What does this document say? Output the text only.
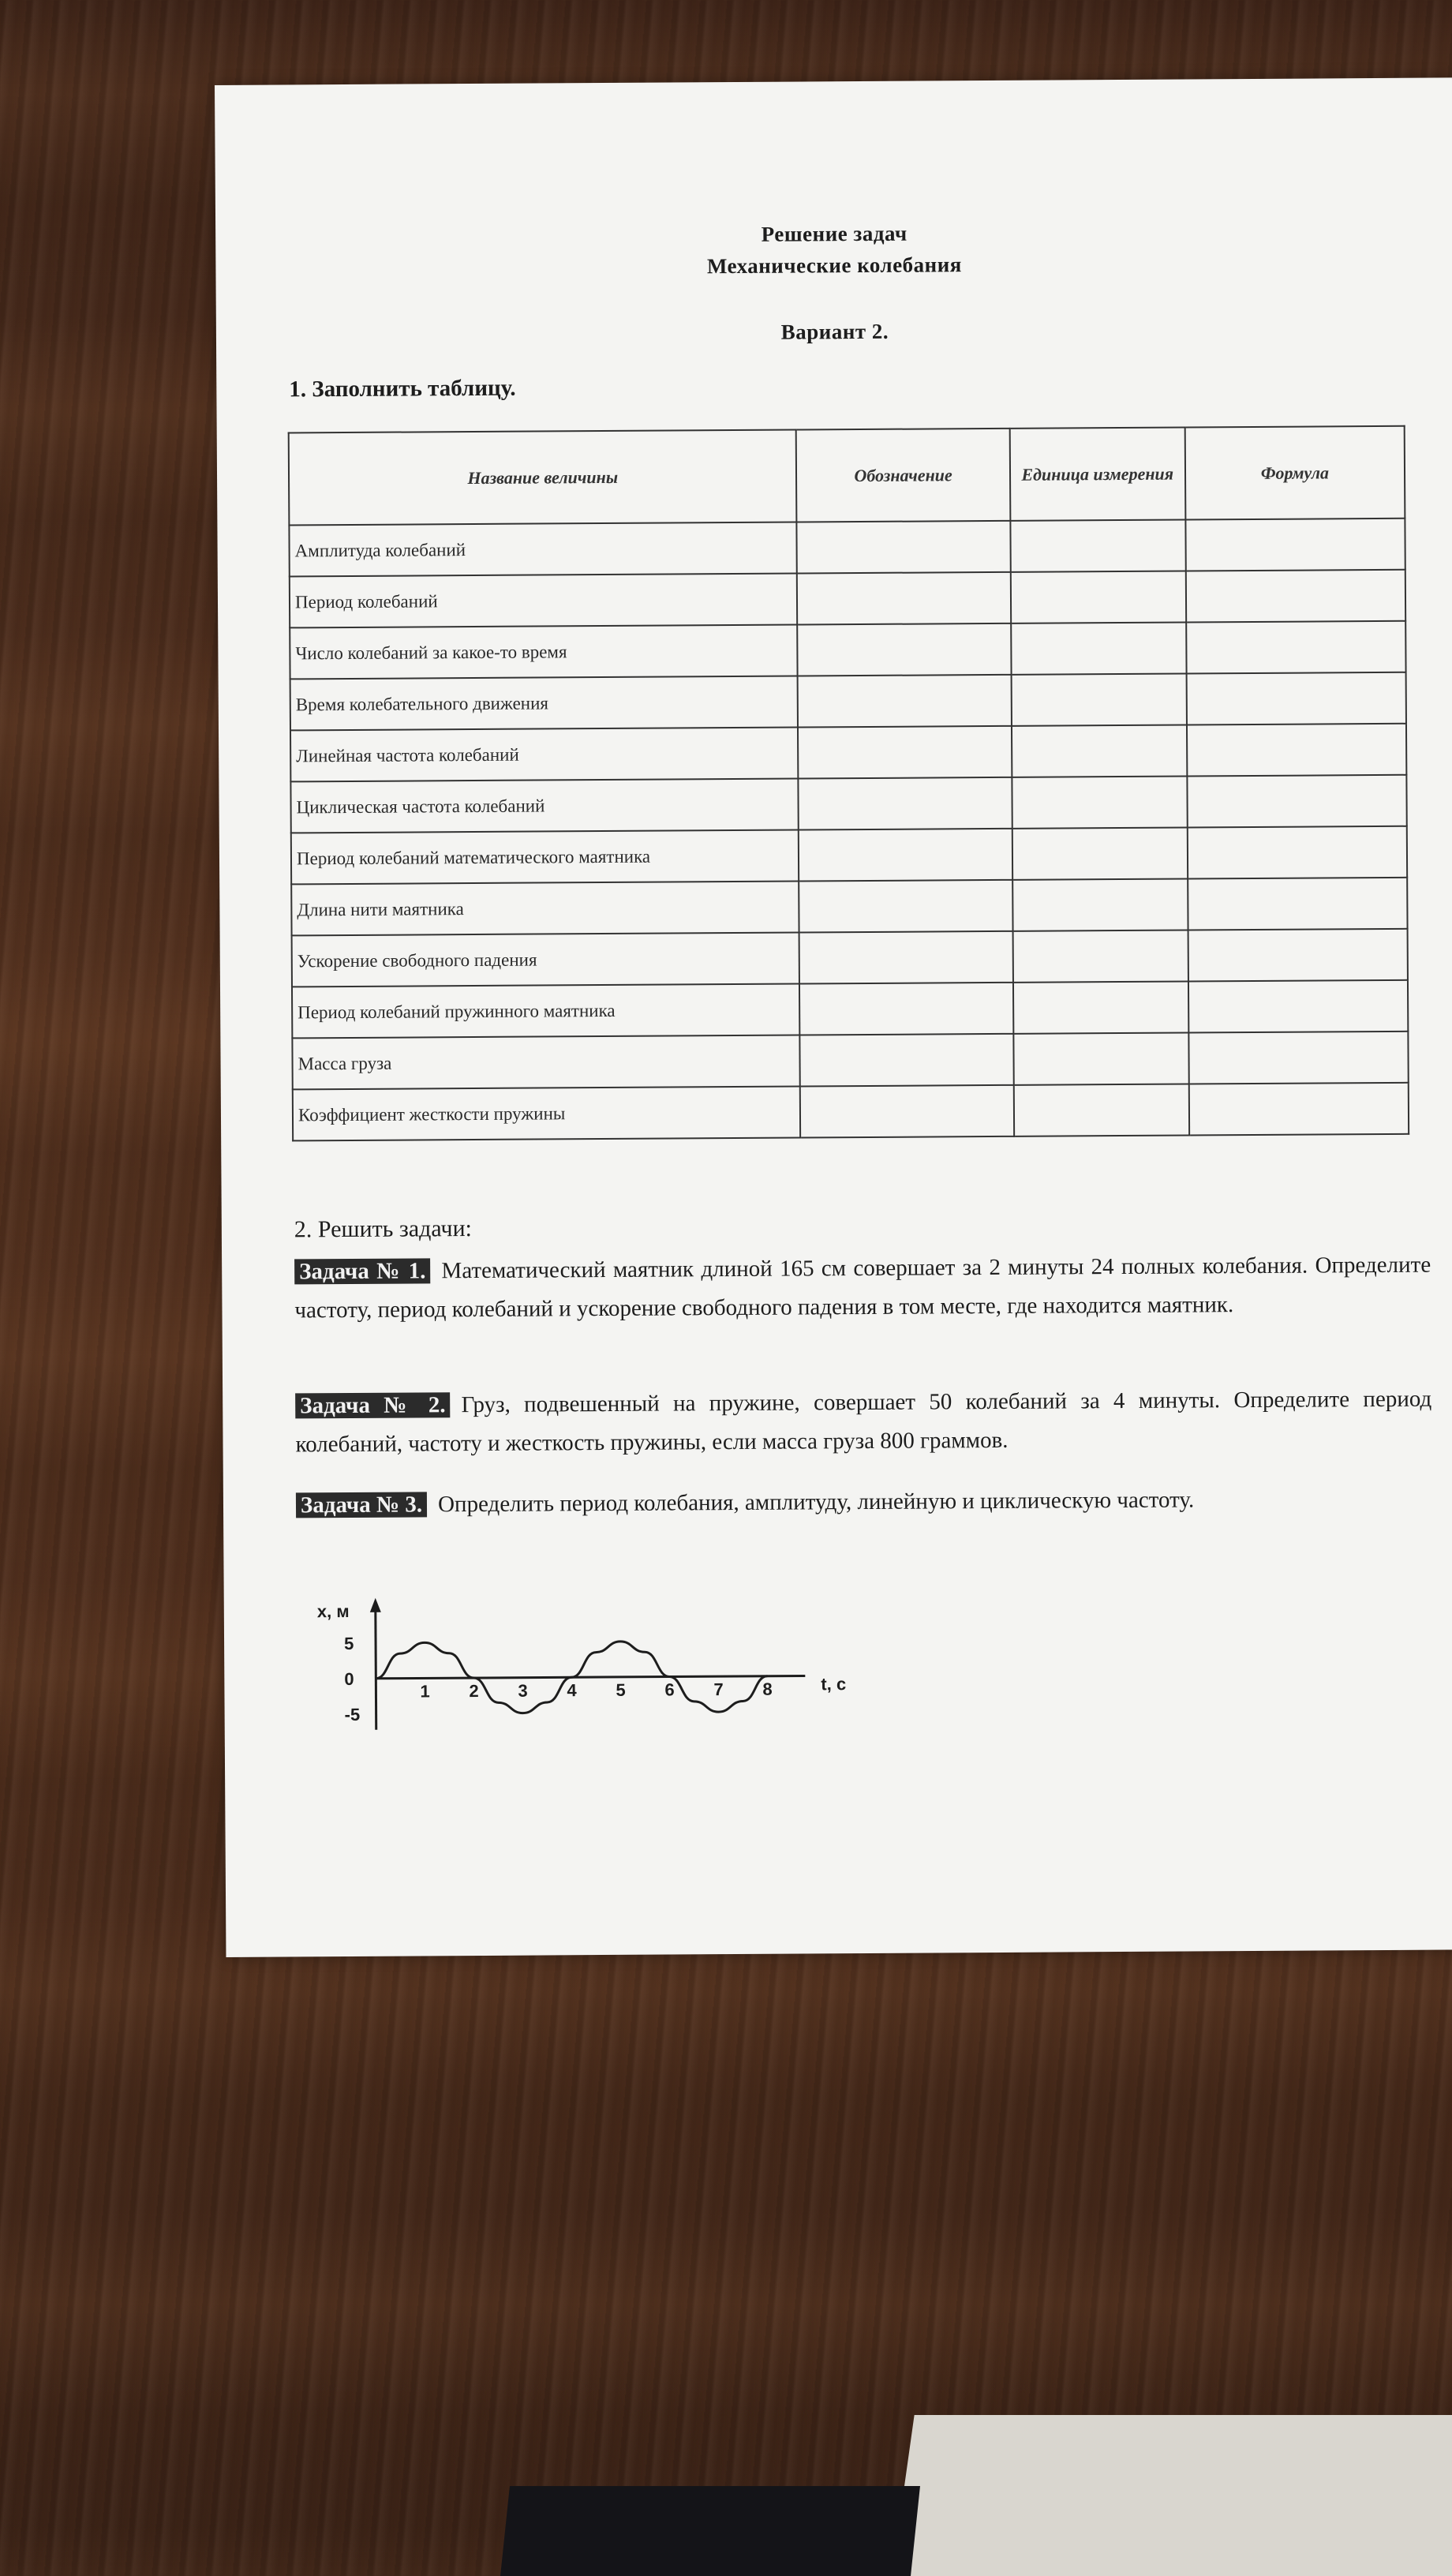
Решение задач
Механические колебания
Вариант 2.
1. Заполнить таблицу.
Название величины	Обозначение	Единица измерения	Формула
Амплитуда колебаний			
Период колебаний			
Число колебаний за какое-то время			
Время колебательного движения			
Линейная частота колебаний			
Циклическая частота колебаний			
Период колебаний математического маятника			
Длина нити маятника			
Ускорение свободного падения			
Период колебаний пружинного маятника			
Масса груза			
Коэффициент жесткости пружины			
2. Решить задачи:
Задача № 1. Математический маятник длиной 165 см совершает за 2 минуты 24 полных колебания. Определите частоту, период колебаний и ускорение свободного падения в том месте, где находится маятник.
Задача № 2. Груз, подвешенный на пружине, совершает 50 колебаний за 4 минуты. Определите период колебаний, частоту и жесткость пружины, если масса груза 800 граммов.
Задача № 3. Определить период колебания, амплитуду, линейную и циклическую частоту.
x, м
t, c
1 2 3 4 5 6 7 8
5
0
-5
